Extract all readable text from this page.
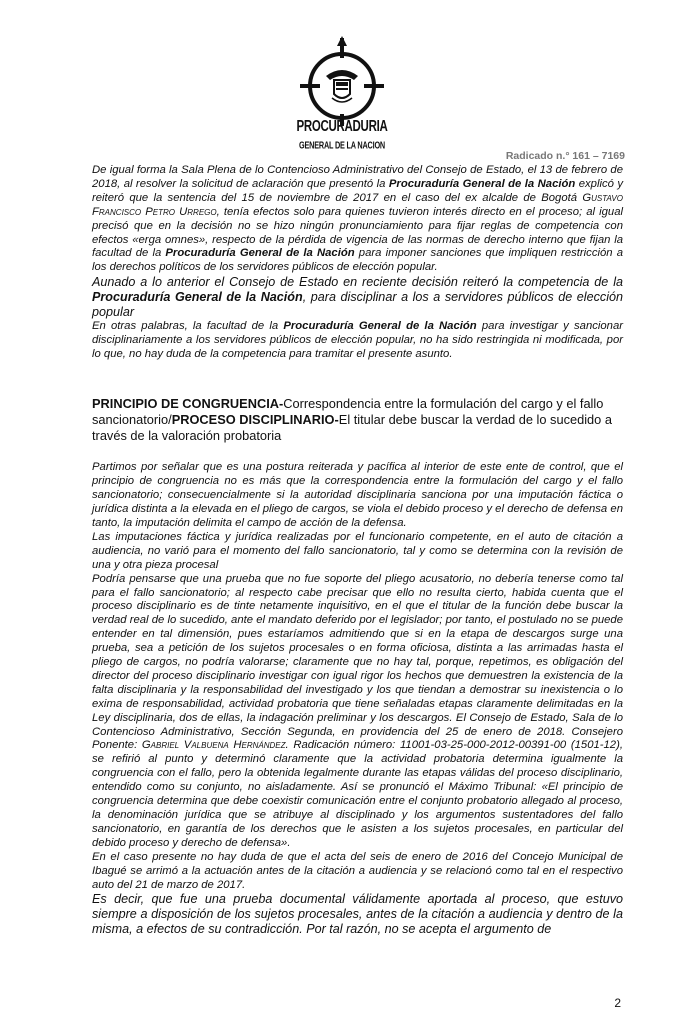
PROCURADURIA
GENERAL DE LA NACION
Radicado n.° 161 – 7169

De igual forma la Sala Plena de lo Contencioso Administrativo del Consejo de Estado, el 13 de febrero de 2018, al resolver la solicitud de aclaración que presentó la Procuraduría General de la Nación explicó y reiteró que la sentencia del 15 de noviembre de 2017 en el caso del ex alcalde de Bogotá Gustavo Francisco Petro Urrego, tenía efectos solo para quienes tuvieron interés directo en el proceso; al igual precisó que en la decisión no se hizo ningún pronunciamiento para fijar reglas de competencia con efectos «erga omnes», respecto de la pérdida de vigencia de las normas de derecho interno que fijan la facultad de la Procuraduría General de la Nación para imponer sanciones que impliquen restricción a los derechos políticos de los servidores públicos de elección popular.

Aunado a lo anterior el Consejo de Estado en reciente decisión reiteró la competencia de la Procuraduría General de la Nación, para disciplinar a los a servidores públicos de elección popular

En otras palabras, la facultad de la Procuraduría General de la Nación para investigar y sancionar disciplinariamente a los servidores públicos de elección popular, no ha sido restringida ni modificada, por lo que, no hay duda de la competencia para tramitar el presente asunto.

PRINCIPIO DE CONGRUENCIA-Correspondencia entre la formulación del cargo y el fallo sancionatorio/PROCESO DISCIPLINARIO-El titular debe buscar la verdad de lo sucedido a través de la valoración probatoria

Partimos por señalar que es una postura reiterada y pacífica al interior de este ente de control, que el principio de congruencia no es más que la correspondencia entre la formulación del cargo y el fallo sancionatorio; consecuencialmente si la autoridad disciplinaria sanciona por una imputación fáctica o jurídica distinta a la elevada en el pliego de cargos, se viola el debido proceso y el derecho de defensa en tanto, la imputación delimita el campo de acción de la defensa.

Las imputaciones fáctica y jurídica realizadas por el funcionario competente, en el auto de citación a audiencia, no varió para el momento del fallo sancionatorio, tal y como se determina con la revisión de una y otra pieza procesal

Podría pensarse que una prueba que no fue soporte del pliego acusatorio, no debería tenerse como tal para el fallo sancionatorio; al respecto cabe precisar que ello no resulta cierto, habida cuenta que el proceso disciplinario es de tinte netamente inquisitivo, en el que el titular de la función debe buscar la verdad real de lo sucedido, ante el mandato deferido por el legislador; por tanto, el postulado no se puede entender en tal dimensión, pues estaríamos admitiendo que si en la etapa de descargos surge una prueba, sea a petición de los sujetos procesales o en forma oficiosa, distinta a las arrimadas hasta el pliego de cargos, no podría valorarse; claramente que no hay tal, porque, repetimos, es obligación del director del proceso disciplinario investigar con igual rigor los hechos que demuestren la existencia de la falta disciplinaria y la responsabilidad del investigado y los que tiendan a demostrar su inexistencia o lo exima de responsabilidad, actividad probatoria que tiene señaladas etapas claramente delimitadas en la Ley disciplinaria, dos de ellas, la indagación preliminar y los descargos. El Consejo de Estado, Sala de lo Contencioso Administrativo, Sección Segunda, en providencia del 25 de enero de 2018. Consejero Ponente: Gabriel Valbuena Hernández. Radicación número: 11001-03-25-000-2012-00391-00 (1501-12), se refirió al punto y determinó claramente que la actividad probatoria determina igualmente la congruencia con el fallo, pero la obtenida legalmente durante las etapas válidas del proceso disciplinario, entendido como su conjunto, no aisladamente. Así se pronunció el Máximo Tribunal: «El principio de congruencia determina que debe coexistir comunicación entre el conjunto probatorio allegado al proceso, la denominación jurídica que se atribuye al disciplinado y los argumentos sustentadores del fallo sancionatorio, en garantía de los derechos que le asisten a los sujetos procesales, en particular del debido proceso y derecho de defensa».

En el caso presente no hay duda de que el acta del seis de enero de 2016 del Concejo Municipal de Ibagué se arrimó a la actuación antes de la citación a audiencia y se relacionó como tal en el respectivo auto del 21 de marzo de 2017.

Es decir, que fue una prueba documental válidamente aportada al proceso, que estuvo siempre a disposición de los sujetos procesales, antes de la citación a audiencia y dentro de la misma, a efectos de su contradicción. Por tal razón, no se acepta el argumento de

2
